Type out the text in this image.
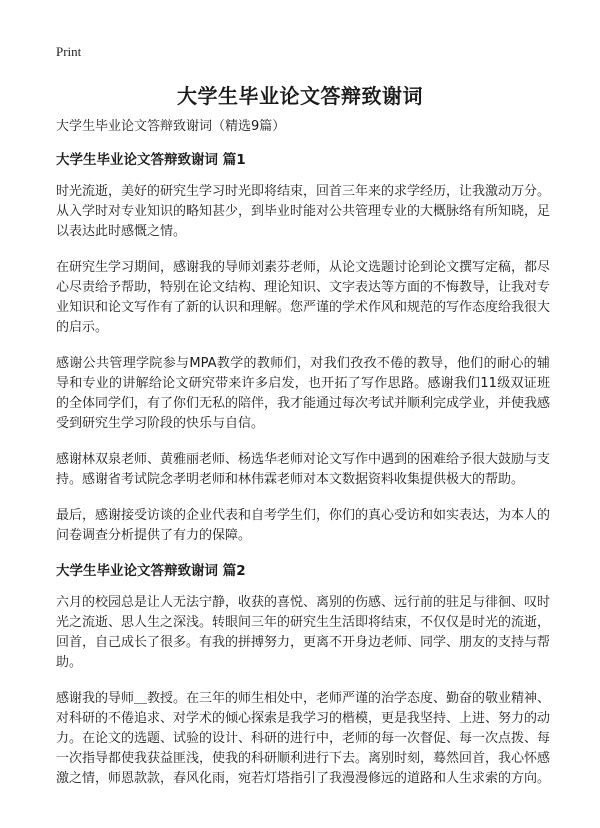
Print
大学生毕业论文答辩致谢词

大学生毕业论文答辩致谢词（精选9篇）

大学生毕业论文答辩致谢词 篇1

时光流逝，美好的研究生学习时光即将结束，回首三年来的求学经历，让我激动万分。从入学时对专业知识的略知甚少，到毕业时能对公共管理专业的大概脉络有所知晓，足以表达此时感慨之情。

在研究生学习期间，感谢我的导师刘素芬老师，从论文选题讨论到论文撰写定稿，都尽心尽责给予帮助，特别在论文结构、理论知识、文字表达等方面的不悔教导，让我对专业知识和论文写作有了新的认识和理解。您严谨的学术作风和规范的写作态度给我很大的启示。

感谢公共管理学院参与MPA教学的教师们，对我们孜孜不倦的教导，他们的耐心的辅导和专业的讲解给论文研究带来许多启发，也开拓了写作思路。感谢我们11级双证班的全体同学们，有了你们无私的陪伴，我才能通过每次考试并顺利完成学业，并使我感受到研究生学习阶段的快乐与自信。

感谢林双泉老师、黄雅丽老师、杨选华老师对论文写作中遇到的困难给予很大鼓励与支持。感谢省考试院念孝明老师和林伟霖老师对本文数据资料收集提供极大的帮助。

最后，感谢接受访谈的企业代表和自考学生们，你们的真心受访和如实表达，为本人的问卷调查分析提供了有力的保障。

大学生毕业论文答辩致谢词 篇2

六月的校园总是让人无法宁静，收获的喜悦、离别的伤感、远行前的驻足与徘徊、叹时光之流逝、思人生之深浅。转眼间三年的研究生生活即将结束，不仅仅是时光的流逝，回首，自己成长了很多。有我的拼搏努力，更离不开身边老师、同学、朋友的支持与帮助。

感谢我的导师＿教授。在三年的师生相处中，老师严谨的治学态度、勤奋的敬业精神、对科研的不倦追求、对学术的倾心探索是我学习的楷模，更是我坚持、上进、努力的动力。在论文的选题、试验的设计、科研的进行中，老师的每一次督促、每一次点拨、每一次指导都使我获益匪浅，使我的科研顺利进行下去。离别时刻，蓦然回首，我心怀感激之情，师恩款款，春风化雨，宛若灯塔指引了我漫漫修远的道路和人生求索的方向。
